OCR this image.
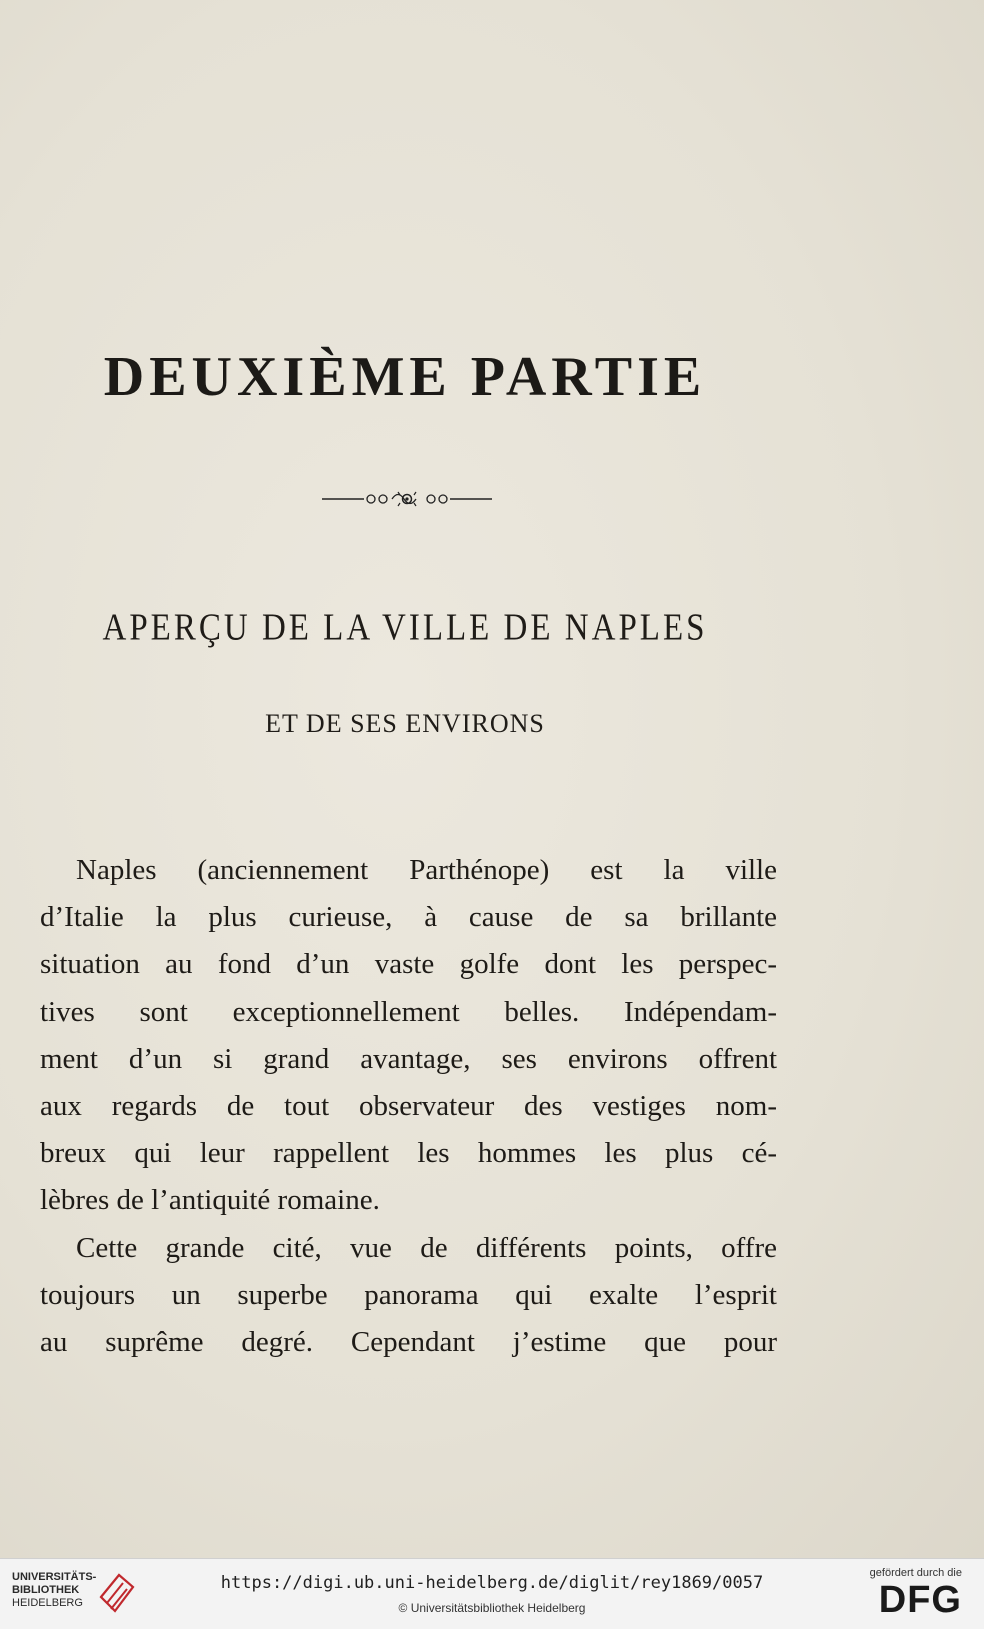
DEUXIÈME PARTIE
APERÇU DE LA VILLE DE NAPLES
ET DE SES ENVIRONS
Naples (anciennement Parthénope) est la ville
d’Italie la plus curieuse, à cause de sa brillante
situation au fond d’un vaste golfe dont les perspec-
tives sont exceptionnellement belles. Indépendam-
ment d’un si grand avantage, ses environs offrent
aux regards de tout observateur des vestiges nom-
breux qui leur rappellent les hommes les plus cé-
lèbres de l’antiquité romaine.
Cette grande cité, vue de différents points, offre
toujours un superbe panorama qui exalte l’esprit
au suprême degré. Cependant j’estime que pour
UNIVERSITÄTS-
BIBLIOTHEK
HEIDELBERG
https://digi.ub.uni-heidelberg.de/diglit/rey1869/0057
© Universitätsbibliothek Heidelberg
gefördert durch die
DFG
